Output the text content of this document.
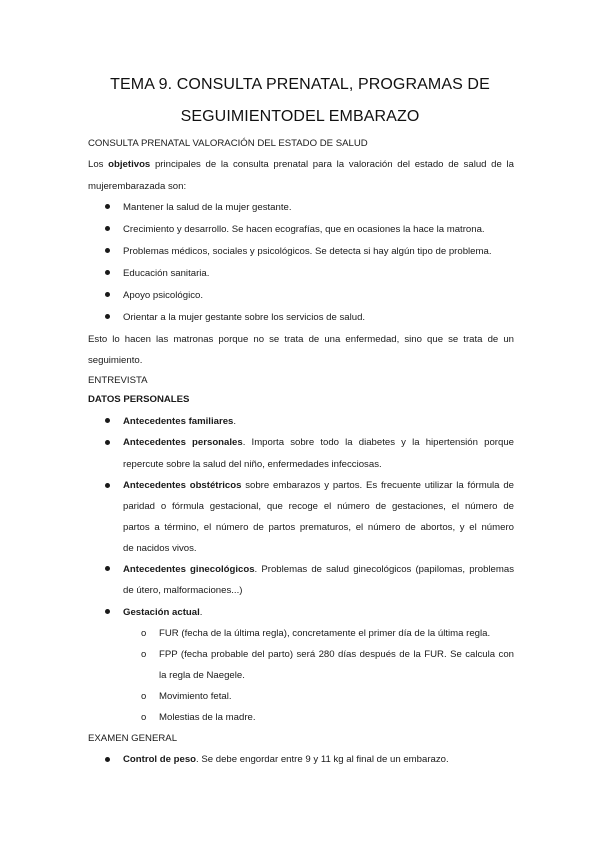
TEMA 9. CONSULTA PRENATAL, PROGRAMAS DE
SEGUIMIENTODEL EMBARAZO
CONSULTA PRENATAL VALORACIÓN DEL ESTADO DE SALUD
Los objetivos principales de la consulta prenatal para la valoración del estado de salud de la
mujerembarazada son:
Mantener la salud de la mujer gestante.
Crecimiento y desarrollo. Se hacen ecografías, que en ocasiones la hace la matrona.
Problemas médicos, sociales y psicológicos. Se detecta si hay algún tipo de problema.
Educación sanitaria.
Apoyo psicológico.
Orientar a la mujer gestante sobre los servicios de salud.
Esto lo hacen las matronas porque no se trata de una enfermedad, sino que se trata de un
seguimiento.
ENTREVISTA
DATOS PERSONALES
Antecedentes familiares.
Antecedentes personales. Importa sobre todo la diabetes y la hipertensión porque
repercute sobre la salud del niño, enfermedades infecciosas.
Antecedentes obstétricos sobre embarazos y partos. Es frecuente utilizar la fórmula de
paridad o fórmula gestacional, que recoge el número de gestaciones, el número de
partos a término, el número de partos prematuros, el número de abortos, y el número
de nacidos vivos.
Antecedentes ginecológicos. Problemas de salud ginecológicos (papilomas, problemas
de útero, malformaciones...)
Gestación actual.
o FUR (fecha de la última regla), concretamente el primer día de la última regla.
o FPP (fecha probable del parto) será 280 días después de la FUR. Se calcula con
la regla de Naegele.
o Movimiento fetal.
o Molestias de la madre.
EXAMEN GENERAL
Control de peso. Se debe engordar entre 9 y 11 kg al final de un embarazo.
